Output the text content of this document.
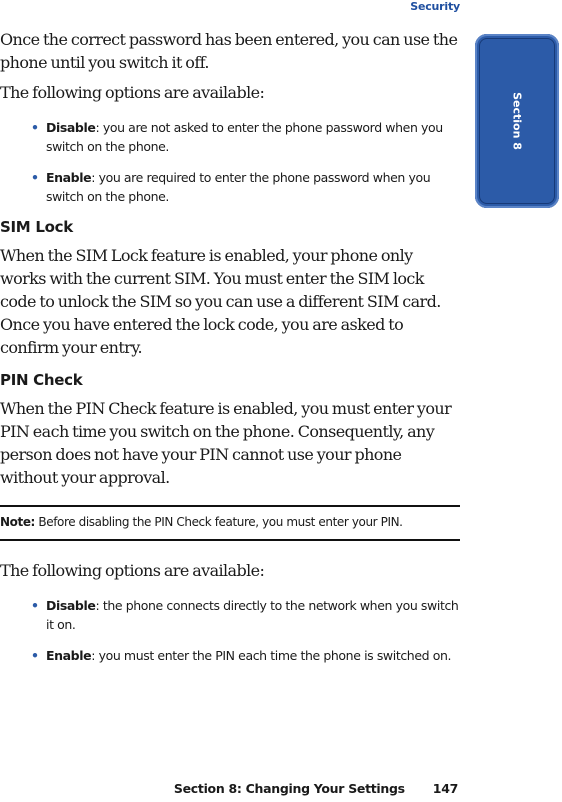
Security
Section 8

Once the correct password has been entered, you can use the phone until you switch it off.

The following options are available:

• Disable: you are not asked to enter the phone password when you switch on the phone.
• Enable: you are required to enter the phone password when you switch on the phone.
SIM Lock

When the SIM Lock feature is enabled, your phone only works with the current SIM. You must enter the SIM lock code to unlock the SIM so you can use a different SIM card. Once you have entered the lock code, you are asked to confirm your entry.

PIN Check

When the PIN Check feature is enabled, you must enter your PIN each time you switch on the phone. Consequently, any person does not have your PIN cannot use your phone without your approval.

Note: Before disabling the PIN Check feature, you must enter your PIN.

The following options are available:

• Disable: the phone connects directly to the network when you switch it on.
• Enable: you must enter the PIN each time the phone is switched on.
Section 8: Changing Your Settings 147
